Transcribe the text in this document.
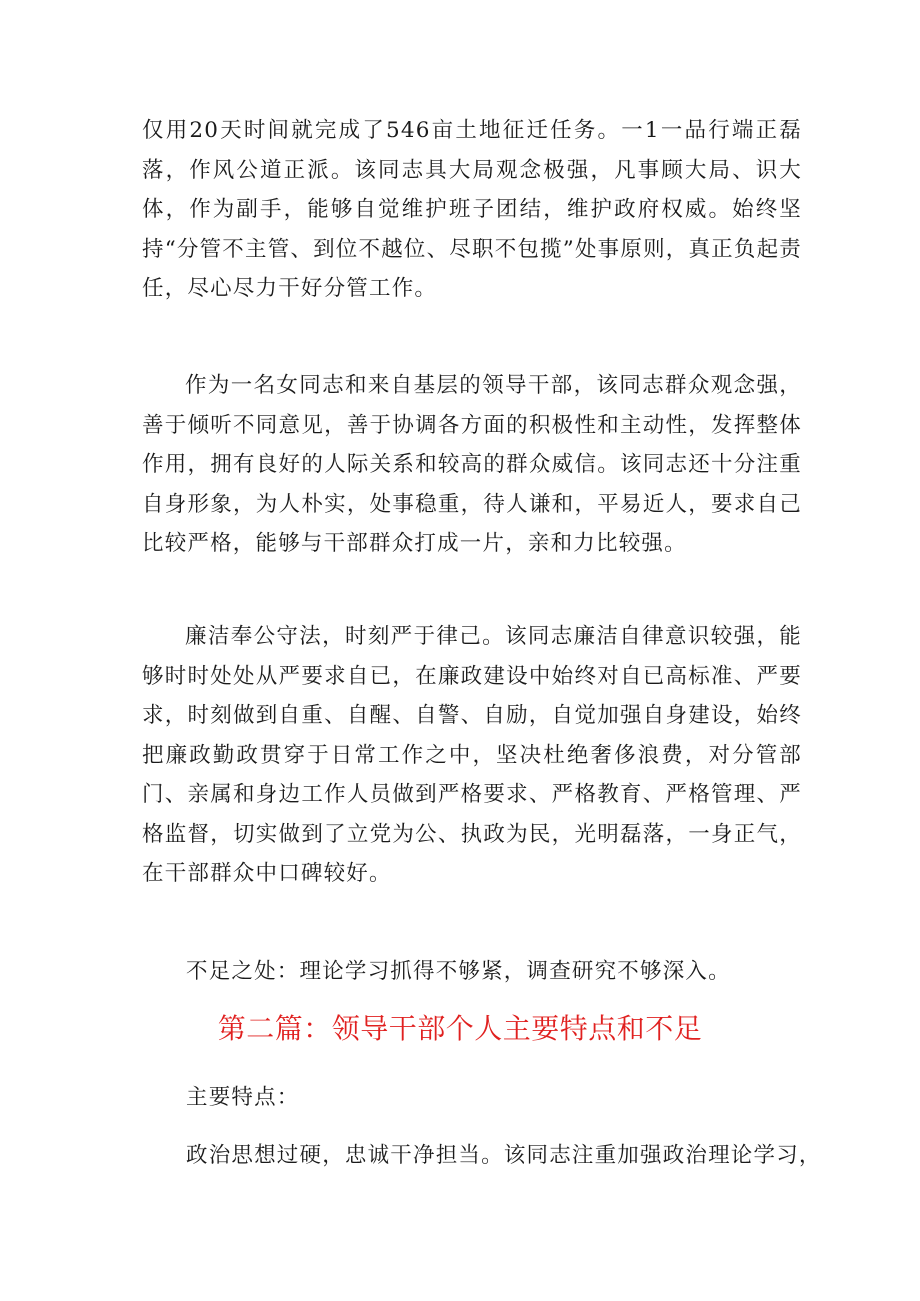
仅用20天时间就完成了546亩土地征迁任务。一1一品行端正磊落，作风公道正派。该同志具大局观念极强，凡事顾大局、识大体，作为副手，能够自觉维护班子团结，维护政府权威。始终坚持“分管不主管、到位不越位、尽职不包揽”处事原则，真正负起责任，尽心尽力干好分管工作。

作为一名女同志和来自基层的领导干部，该同志群众观念强，善于倾听不同意见，善于协调各方面的积极性和主动性，发挥整体作用，拥有良好的人际关系和较高的群众威信。该同志还十分注重自身形象，为人朴实，处事稳重，待人谦和，平易近人，要求自己比较严格，能够与干部群众打成一片，亲和力比较强。

廉洁奉公守法，时刻严于律己。该同志廉洁自律意识较强，能够时时处处从严要求自已，在廉政建设中始终对自已高标准、严要求，时刻做到自重、自醒、自警、自励，自觉加强自身建设，始终把廉政勤政贯穿于日常工作之中，坚决杜绝奢侈浪费，对分管部门、亲属和身边工作人员做到严格要求、严格教育、严格管理、严格监督，切实做到了立党为公、执政为民，光明磊落，一身正气，在干部群众中口碑较好。

不足之处：理论学习抓得不够紧，调查研究不够深入。

第二篇：领导干部个人主要特点和不足

主要特点：

政治思想过硬，忠诚干净担当。该同志注重加强政治理论学习，
